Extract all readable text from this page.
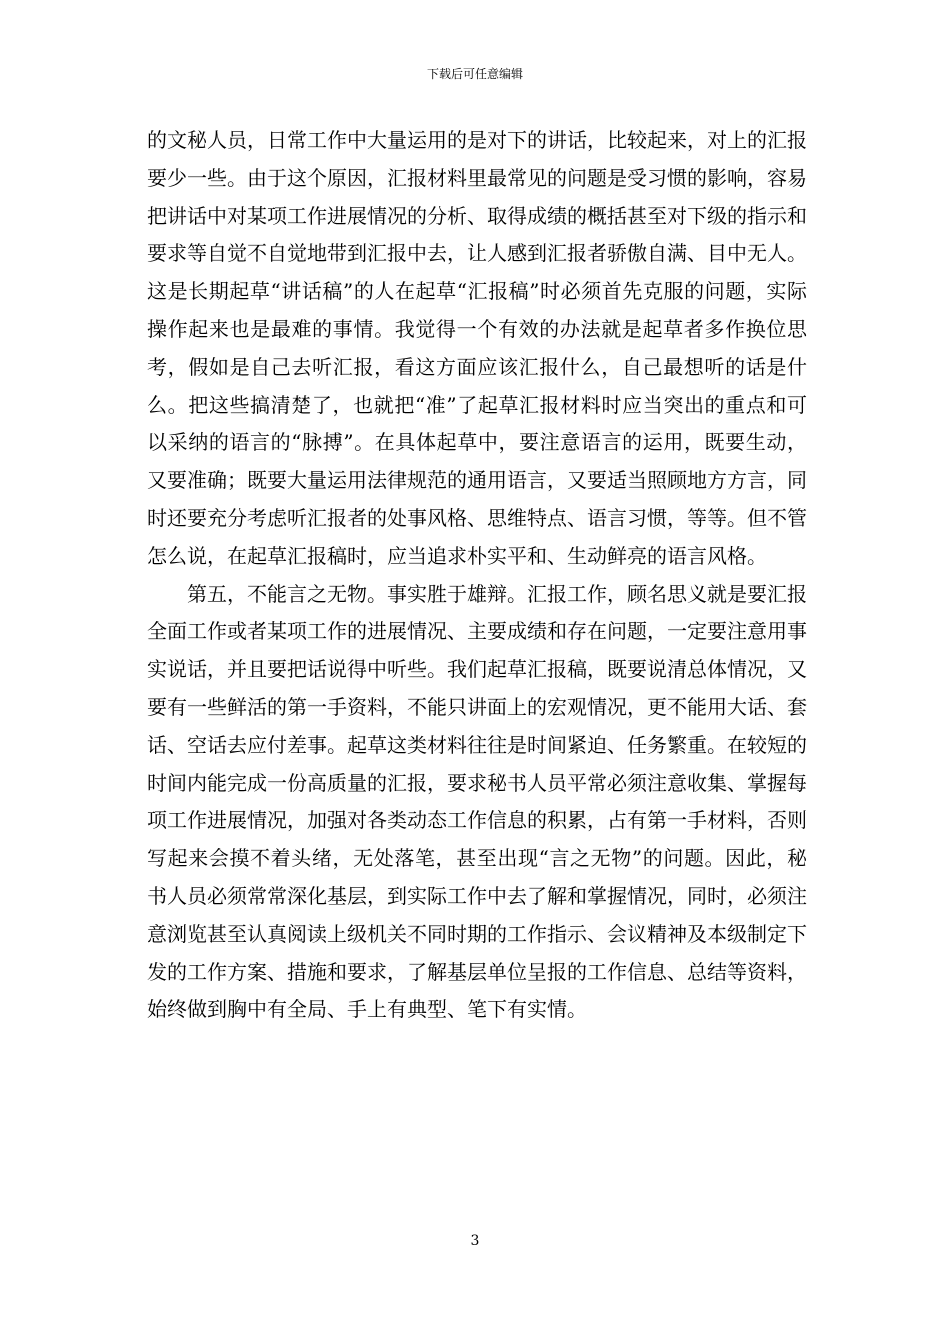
下载后可任意编辑

的文秘人员，日常工作中大量运用的是对下的讲话，比较起来，对上的汇报要少一些。由于这个原因，汇报材料里最常见的问题是受习惯的影响，容易把讲话中对某项工作进展情况的分析、取得成绩的概括甚至对下级的指示和要求等自觉不自觉地带到汇报中去，让人感到汇报者骄傲自满、目中无人。这是长期起草“讲话稿”的人在起草“汇报稿”时必须首先克服的问题，实际操作起来也是最难的事情。我觉得一个有效的办法就是起草者多作换位思考，假如是自己去听汇报，看这方面应该汇报什么，自己最想听的话是什么。把这些搞清楚了，也就把“准”了起草汇报材料时应当突出的重点和可以采纳的语言的“脉搏”。在具体起草中，要注意语言的运用，既要生动，又要准确；既要大量运用法律规范的通用语言，又要适当照顾地方方言，同时还要充分考虑听汇报者的处事风格、思维特点、语言习惯，等等。但不管怎么说，在起草汇报稿时，应当追求朴实平和、生动鲜亮的语言风格。

第五，不能言之无物。事实胜于雄辩。汇报工作，顾名思义就是要汇报全面工作或者某项工作的进展情况、主要成绩和存在问题，一定要注意用事实说话，并且要把话说得中听些。我们起草汇报稿，既要说清总体情况，又要有一些鲜活的第一手资料，不能只讲面上的宏观情况，更不能用大话、套话、空话去应付差事。起草这类材料往往是时间紧迫、任务繁重。在较短的时间内能完成一份高质量的汇报，要求秘书人员平常必须注意收集、掌握每项工作进展情况，加强对各类动态工作信息的积累，占有第一手材料，否则写起来会摸不着头绪，无处落笔，甚至出现“言之无物”的问题。因此，秘书人员必须常常深化基层，到实际工作中去了解和掌握情况，同时，必须注意浏览甚至认真阅读上级机关不同时期的工作指示、会议精神及本级制定下发的工作方案、措施和要求，了解基层单位呈报的工作信息、总结等资料，始终做到胸中有全局、手上有典型、笔下有实情。

3
